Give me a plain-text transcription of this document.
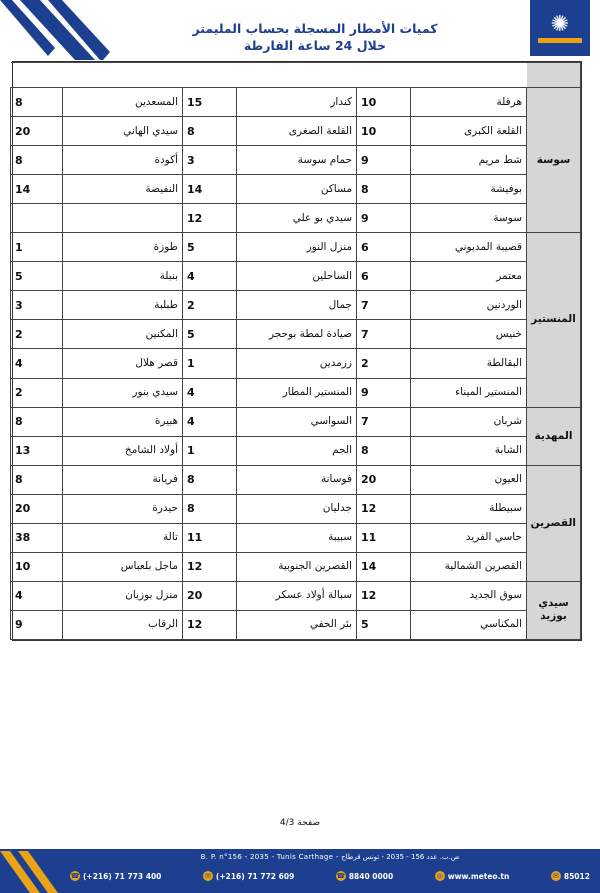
✺
كميات الأمطار المسجلة بحساب المليمتر
خلال 24 ساعة الفارطة

سوسة	هرقلة	10	كندار	15	المسعدين	8
	القلعة الكبرى	10	القلعة الصغرى	8	سيدي الهاني	20
	شط مريم	9	حمام سوسة	3	أكودة	8
	بوفيشة	8	مساكن	14	النفيضة	14
	سوسة	9	سيدي بو علي	12		
المنستير	قصيبة المديوني	6	منزل النور	5	طوزة	1
	معتمر	6	الساحلين	4	بنبلة	5
	الوردنين	7	جمال	2	طبلبة	3
	خنيس	7	صيادة لمطة بوحجر	5	المكنين	2
	البقالطة	2	زرمدين	1	قصر هلال	4
	المنستير الميناء	9	المنستير المطار	4	سيدي بنور	2
المهدية	شربان	7	السواسي	4	هبيرة	8
	الشابة	8	الجم	1	أولاد الشامخ	13
القصرين	العيون	20	فوسانة	8	فريانة	8
	سبيطلة	12	جدليان	8	حيدرة	20
	حاسي الفريد	11	سبيبة	11	تالة	38
	القصرين الشمالية	14	القصرين الجنوبية	12	ماجل بلعباس	10
سيدي بوزيد	سوق الجديد	12	سبالة أولاد عسكر	20	منزل بوزيان	4
	المكناسي	5	بئر الحفي	12	الرقاب	9
صفحة 4/3
B. P. n°156 - 2035 - Tunis Carthage - ص.ب. عدد 156 - 2035 - تونس قرطاج
☎ (+216) 71 773 400	✉ (+216) 71 772 609	☎ 8840 0000	◎ www.meteo.tn	✉ 85012
